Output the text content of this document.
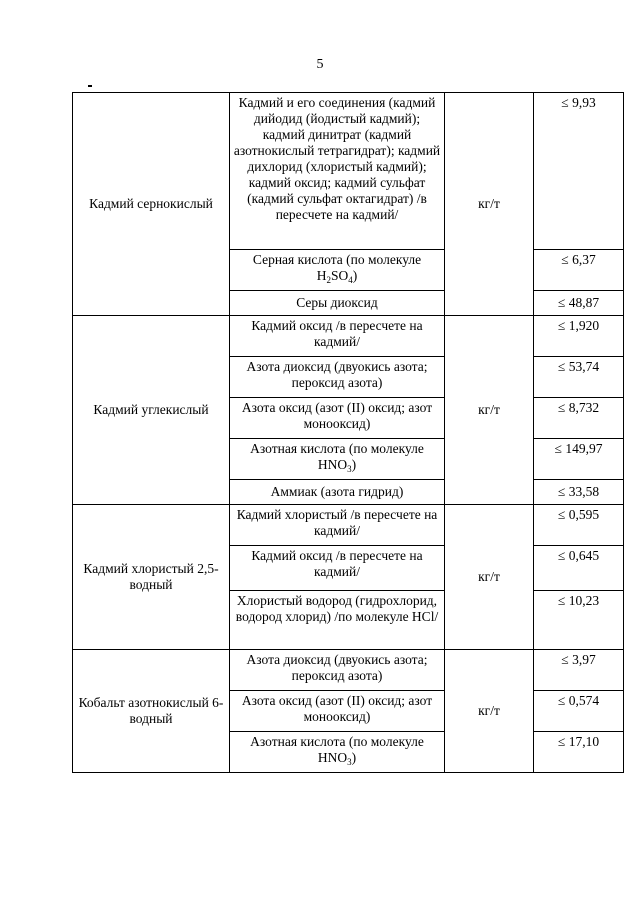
5
Кадмий сернокислый	Кадмий и его соединения (кадмий дийодид (йодистый кадмий); кадмий динитрат (кадмий азотнокислый тетрагидрат); кадмий дихлорид (хлористый кадмий); кадмий оксид; кадмий сульфат (кадмий сульфат октагидрат) /в пересчете на кадмий/	кг/т	≤ 9,93
	Серная кислота (по молекуле $H_2SO_4$)		≤ 6,37
	Серы диоксид		≤ 48,87
Кадмий углекислый	Кадмий оксид /в пересчете на кадмий/	кг/т	≤ 1,920
	Азота диоксид (двуокись азота; пероксид азота)		≤ 53,74
	Азота оксид (азот (II) оксид; азот монооксид)		≤ 8,732
	Азотная кислота (по молекуле $HNO_3$)		≤ 149,97
	Аммиак (азота гидрид)		≤ 33,58
Кадмий хлористый 2,5-водный	Кадмий хлористый /в пересчете на кадмий/	кг/т	≤ 0,595
	Кадмий оксид /в пересчете на кадмий/		≤ 0,645
	Хлористый водород (гидрохлорид, водород хлорид) /по молекуле HCl/		≤ 10,23
Кобальт азотнокислый 6-водный	Азота диоксид (двуокись азота; пероксид азота)	кг/т	≤ 3,97
	Азота оксид (азот (II) оксид; азот монооксид)		≤ 0,574
	Азотная кислота (по молекуле $HNO_3$)		≤ 17,10
